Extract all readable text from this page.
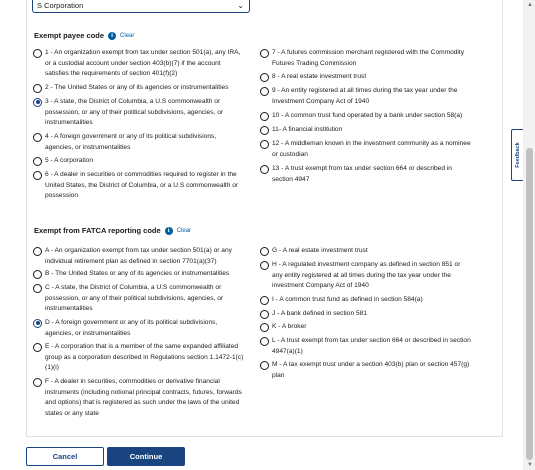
S Corporation	⌄
Exempt payee code	i	Clear
Exempt from FATCA reporting code	i	Clear
1 - An organization exempt from tax under section 501(a), any IRA,
or a custodial account under section 403(b)(7) if the account
satisfies the requirements of section 401(f)(2)
2 - The United States or any of its agencies or instrumentalities
3 - A state, the District of Columbia, a U.S commonwealth or
possession, or any of their political subdivisions, agencies, or
instrumentalities
4 - A foreign government or any of its political subdivisions,
agencies, or instrumentalities
5 - A corporation
6 - A dealer in securities or commodities required to register in the
United States, the District of Columbia, or a U.S commonwealth or
possession
7 - A futures commission merchant registered with the Commodity
Futures Trading Commission
8 - A real estate investment trust
9 - An entity registered at all times during the tax year under the
Investment Company Act of 1940
10 - A common trust fund operated by a bank under section 58(a)
11- A financial institution
12 - A middleman known in the investment community as a nominee
or custodian
13 - A trust exempt from tax under section 664 or described in
section 4947
A - An organization exempt from tax under section 501(a) or any
individual retirement plan as defined in section 7701(a)(37)
B - The United States or any of its agencies or instrumentalities
C - A state, the District of Columbia, a U.S commonwealth or
possession, or any of their political subdivisions, agencies, or
instrumentalities
D - A foreign government or any of its political subdivisions,
agencies, or instrumentalities
E - A corporation that is a member of the same expanded affiliated
group as a corporation described in Regulations section 1.1472-1(c)
(1)(i)
F - A dealer in securities, commodities or derivative financial
instruments (including notional principal contracts, futures, forwards
and options) that is registered as such under the laws of the united
states or any state
G - A real estate investment trust
H - A regulated investment company as defined in section 851 or
any entity registered at all times during the tax year under the
investment Company Act of 1940
I - A common trust fund as defined in section 584(a)
J - A bank defined in section 581
K - A broker
L - A trust exempt from tax under section 664 or described in section
4947(a)(1)
M - A tax exempt trust under a section 403(b) plan or section 457(g)
plan
Cancel	Continue
Feedback
▲
▼
